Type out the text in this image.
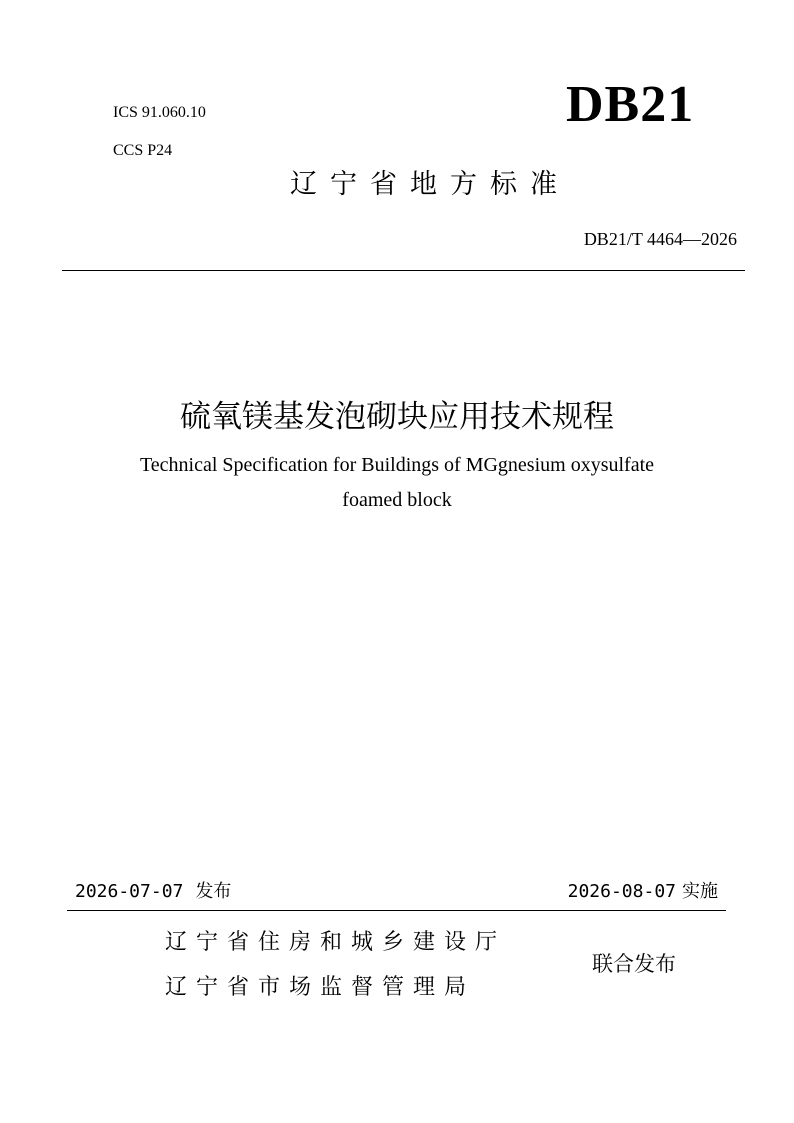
ICS 91.060.10
CCS P24
DB21
辽宁省地方标准
DB21/T 4464—2026
硫氧镁基发泡砌块应用技术规程
Technical Specification for Buildings of MGgnesium oxysulfate
foamed block
2026-07-07 发布	2026-08-07 实施
辽宁省住房和城乡建设厅
辽宁省市场监督管理局
联合发布
